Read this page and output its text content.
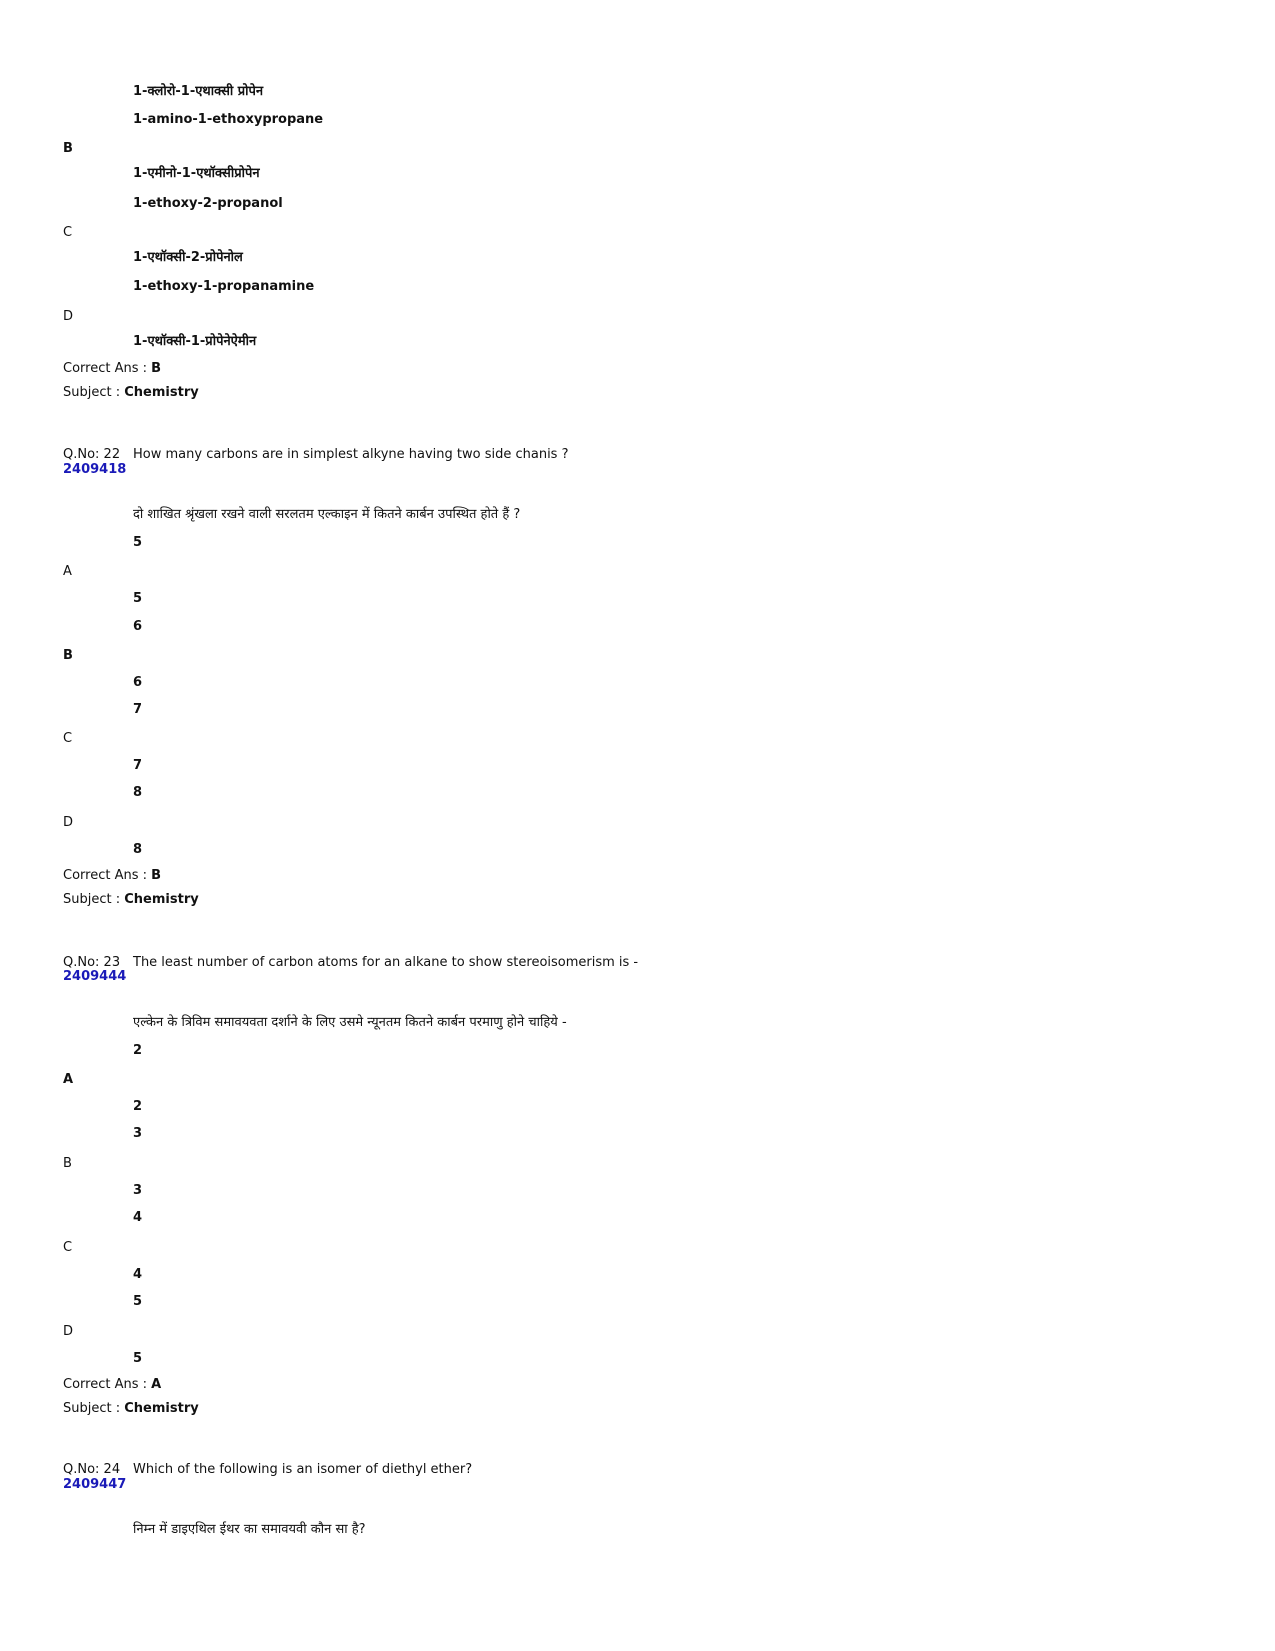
1-क्लोरो-1-एथाक्सी प्रोपेन
1-amino-1-ethoxypropane
B
1-एमीनो-1-एथॉक्सीप्रोपेन
1-ethoxy-2-propanol
C
1-एथॉक्सी-2-प्रोपेनोल
1-ethoxy-1-propanamine
D
1-एथॉक्सी-1-प्रोपेनेऐमीन
Correct Ans : B
Subject : Chemistry
Q.No: 22 How many carbons are in simplest alkyne having two side chanis ?
2409418
दो शाखित श्रृंखला रखने वाली सरलतम एल्काइन में कितने कार्बन उपस्थित होते हैं ?
5
A
5
6
B
6
7
C
7
8
D
8
Correct Ans : B
Subject : Chemistry
Q.No: 23 The least number of carbon atoms for an alkane to show stereoisomerism is -
2409444
एल्केन के त्रिविम समावयवता दर्शाने के लिए उसमे न्यूनतम कितने कार्बन परमाणु होने चाहिये -
2
A
2
3
B
3
4
C
4
5
D
5
Correct Ans : A
Subject : Chemistry
Q.No: 24 Which of the following is an isomer of diethyl ether?
2409447
निम्न में डाइएथिल ईथर का समावयवी कौन सा है?
